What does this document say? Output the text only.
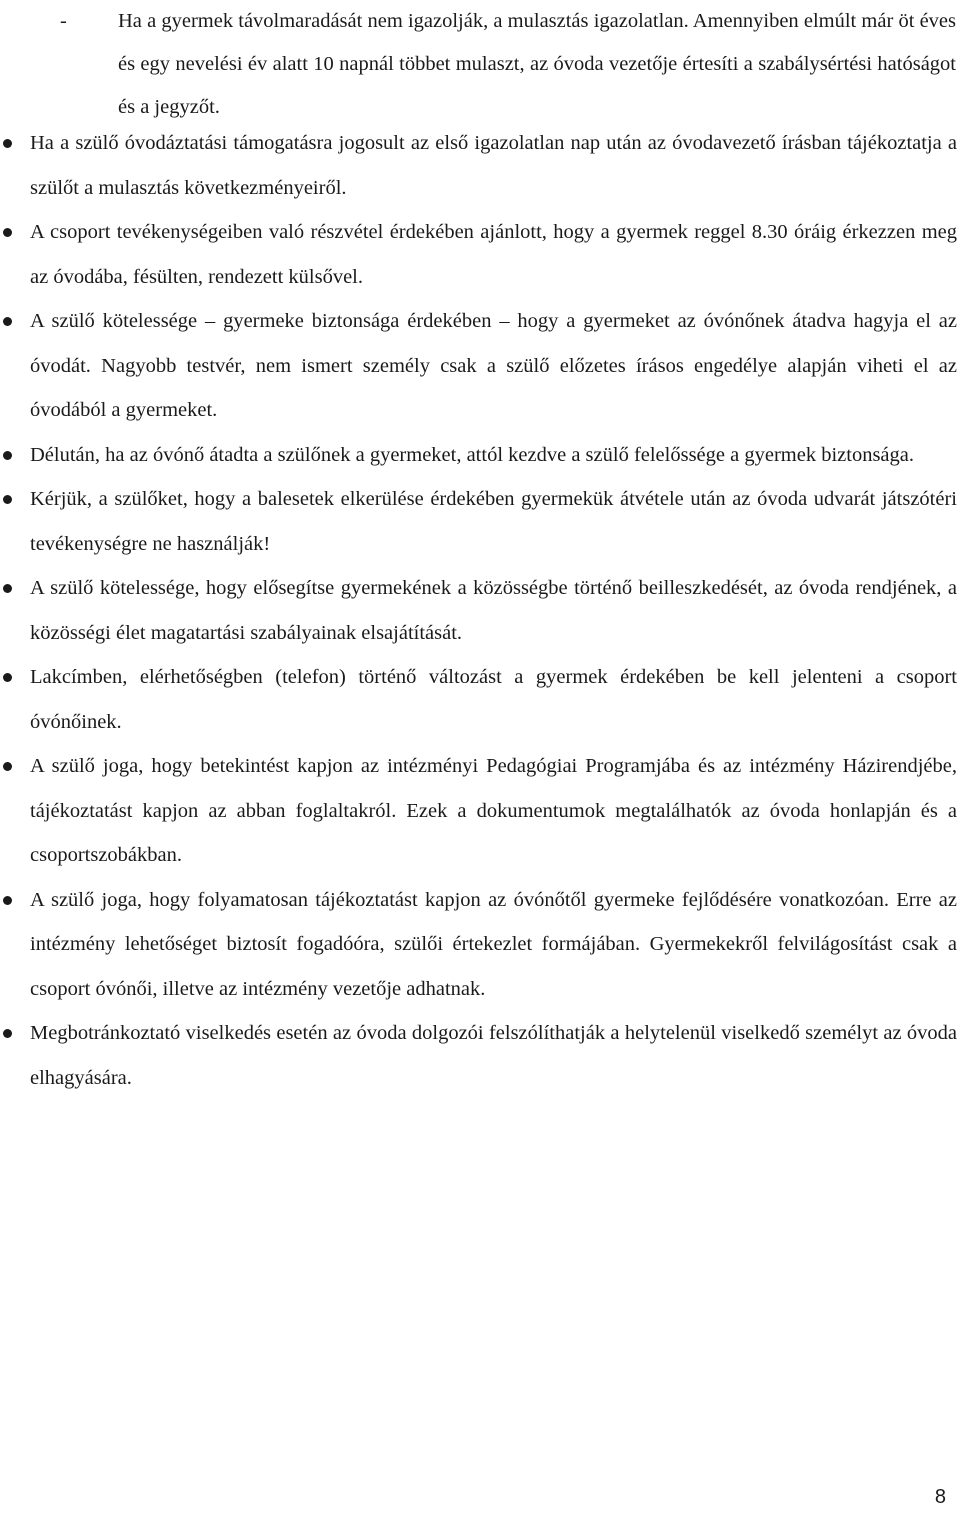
-	Ha a gyermek távolmaradását nem igazolják, a mulasztás igazolatlan. Amennyiben elmúlt már öt éves és egy nevelési év alatt 10 napnál többet mulaszt, az óvoda vezetője értesíti a szabálysértési hatóságot és a jegyzőt.
Ha a szülő óvodáztatási támogatásra jogosult az első igazolatlan nap után az óvodavezető írásban tájékoztatja a szülőt a mulasztás következményeiről.
A csoport tevékenységeiben való részvétel érdekében ajánlott, hogy a gyermek reggel 8.30 óráig érkezzen meg az óvodába, fésülten, rendezett külsővel.
A szülő kötelessége – gyermeke biztonsága érdekében – hogy a gyermeket az óvónőnek átadva hagyja el az óvodát. Nagyobb testvér, nem ismert személy csak a szülő előzetes írásos engedélye alapján viheti el az óvodából a gyermeket.
Délután, ha az óvónő átadta a szülőnek a gyermeket, attól kezdve a szülő felelőssége a gyermek biztonsága.
Kérjük, a szülőket, hogy a balesetek elkerülése érdekében gyermekük átvétele után az óvoda udvarát játszótéri tevékenységre ne használják!
A szülő kötelessége, hogy elősegítse gyermekének a közösségbe történő beilleszkedését, az óvoda rendjének, a közösségi élet magatartási szabályainak elsajátítását.
Lakcímben, elérhetőségben (telefon) történő változást a gyermek érdekében be kell jelenteni a csoport óvónőinek.
A szülő joga, hogy betekintést kapjon az intézményi Pedagógiai Programjába és az intézmény Házirendjébe, tájékoztatást kapjon az abban foglaltakról. Ezek a dokumentumok megtalálhatók az óvoda honlapján és a csoportszobákban.
A szülő joga, hogy folyamatosan tájékoztatást kapjon az óvónőtől gyermeke fejlődésére vonatkozóan. Erre az intézmény lehetőséget biztosít fogadóóra, szülői értekezlet formájában. Gyermekekről felvilágosítást csak a csoport óvónői, illetve az intézmény vezetője adhatnak.
Megbotránkoztató viselkedés esetén az óvoda dolgozói felszólíthatják a helytelenül viselkedő személyt az óvoda elhagyására.
8
